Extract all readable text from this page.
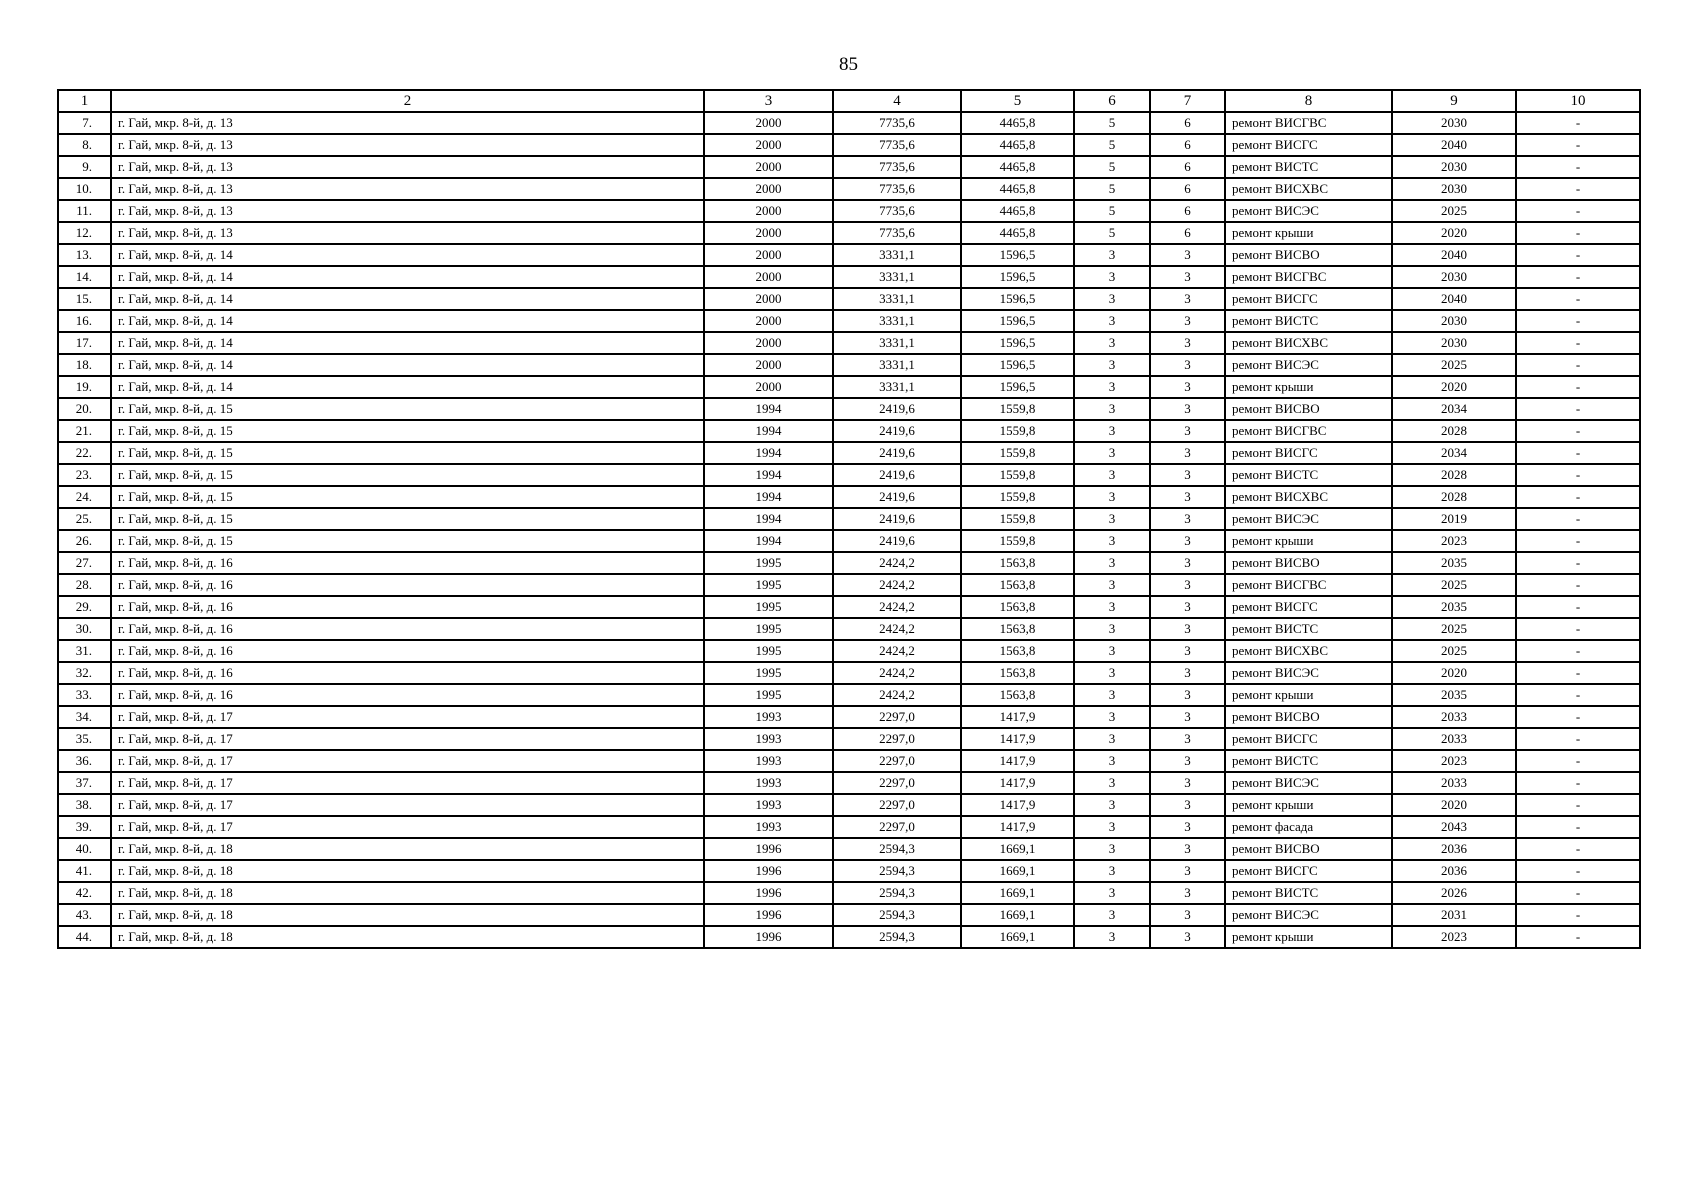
85
1	2	3	4	5	6	7	8	9	10
7.	г. Гай, мкр. 8-й, д. 13	2000	7735,6	4465,8	5	6	ремонт ВИСГВС	2030	-
8.	г. Гай, мкр. 8-й, д. 13	2000	7735,6	4465,8	5	6	ремонт ВИСГС	2040	-
9.	г. Гай, мкр. 8-й, д. 13	2000	7735,6	4465,8	5	6	ремонт ВИСТС	2030	-
10.	г. Гай, мкр. 8-й, д. 13	2000	7735,6	4465,8	5	6	ремонт ВИСХВС	2030	-
11.	г. Гай, мкр. 8-й, д. 13	2000	7735,6	4465,8	5	6	ремонт ВИСЭС	2025	-
12.	г. Гай, мкр. 8-й, д. 13	2000	7735,6	4465,8	5	6	ремонт крыши	2020	-
13.	г. Гай, мкр. 8-й, д. 14	2000	3331,1	1596,5	3	3	ремонт ВИСВО	2040	-
14.	г. Гай, мкр. 8-й, д. 14	2000	3331,1	1596,5	3	3	ремонт ВИСГВС	2030	-
15.	г. Гай, мкр. 8-й, д. 14	2000	3331,1	1596,5	3	3	ремонт ВИСГС	2040	-
16.	г. Гай, мкр. 8-й, д. 14	2000	3331,1	1596,5	3	3	ремонт ВИСТС	2030	-
17.	г. Гай, мкр. 8-й, д. 14	2000	3331,1	1596,5	3	3	ремонт ВИСХВС	2030	-
18.	г. Гай, мкр. 8-й, д. 14	2000	3331,1	1596,5	3	3	ремонт ВИСЭС	2025	-
19.	г. Гай, мкр. 8-й, д. 14	2000	3331,1	1596,5	3	3	ремонт крыши	2020	-
20.	г. Гай, мкр. 8-й, д. 15	1994	2419,6	1559,8	3	3	ремонт ВИСВО	2034	-
21.	г. Гай, мкр. 8-й, д. 15	1994	2419,6	1559,8	3	3	ремонт ВИСГВС	2028	-
22.	г. Гай, мкр. 8-й, д. 15	1994	2419,6	1559,8	3	3	ремонт ВИСГС	2034	-
23.	г. Гай, мкр. 8-й, д. 15	1994	2419,6	1559,8	3	3	ремонт ВИСТС	2028	-
24.	г. Гай, мкр. 8-й, д. 15	1994	2419,6	1559,8	3	3	ремонт ВИСХВС	2028	-
25.	г. Гай, мкр. 8-й, д. 15	1994	2419,6	1559,8	3	3	ремонт ВИСЭС	2019	-
26.	г. Гай, мкр. 8-й, д. 15	1994	2419,6	1559,8	3	3	ремонт крыши	2023	-
27.	г. Гай, мкр. 8-й, д. 16	1995	2424,2	1563,8	3	3	ремонт ВИСВО	2035	-
28.	г. Гай, мкр. 8-й, д. 16	1995	2424,2	1563,8	3	3	ремонт ВИСГВС	2025	-
29.	г. Гай, мкр. 8-й, д. 16	1995	2424,2	1563,8	3	3	ремонт ВИСГС	2035	-
30.	г. Гай, мкр. 8-й, д. 16	1995	2424,2	1563,8	3	3	ремонт ВИСТС	2025	-
31.	г. Гай, мкр. 8-й, д. 16	1995	2424,2	1563,8	3	3	ремонт ВИСХВС	2025	-
32.	г. Гай, мкр. 8-й, д. 16	1995	2424,2	1563,8	3	3	ремонт ВИСЭС	2020	-
33.	г. Гай, мкр. 8-й, д. 16	1995	2424,2	1563,8	3	3	ремонт крыши	2035	-
34.	г. Гай, мкр. 8-й, д. 17	1993	2297,0	1417,9	3	3	ремонт ВИСВО	2033	-
35.	г. Гай, мкр. 8-й, д. 17	1993	2297,0	1417,9	3	3	ремонт ВИСГС	2033	-
36.	г. Гай, мкр. 8-й, д. 17	1993	2297,0	1417,9	3	3	ремонт ВИСТС	2023	-
37.	г. Гай, мкр. 8-й, д. 17	1993	2297,0	1417,9	3	3	ремонт ВИСЭС	2033	-
38.	г. Гай, мкр. 8-й, д. 17	1993	2297,0	1417,9	3	3	ремонт крыши	2020	-
39.	г. Гай, мкр. 8-й, д. 17	1993	2297,0	1417,9	3	3	ремонт фасада	2043	-
40.	г. Гай, мкр. 8-й, д. 18	1996	2594,3	1669,1	3	3	ремонт ВИСВО	2036	-
41.	г. Гай, мкр. 8-й, д. 18	1996	2594,3	1669,1	3	3	ремонт ВИСГС	2036	-
42.	г. Гай, мкр. 8-й, д. 18	1996	2594,3	1669,1	3	3	ремонт ВИСТС	2026	-
43.	г. Гай, мкр. 8-й, д. 18	1996	2594,3	1669,1	3	3	ремонт ВИСЭС	2031	-
44.	г. Гай, мкр. 8-й, д. 18	1996	2594,3	1669,1	3	3	ремонт крыши	2023	-
